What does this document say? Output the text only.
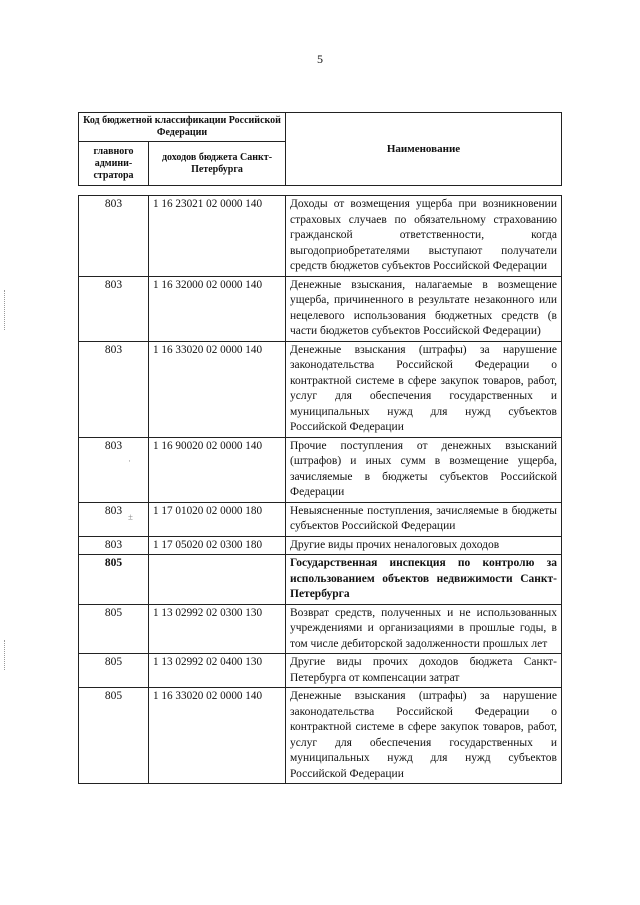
5
Код бюджетной классификации Российской Федерации		Наименование
главного админи-стратора	доходов бюджета Санкт-Петербурга	
803	1 16 23021 02 0000 140	Доходы от возмещения ущерба при возникновении страховых случаев по обязательному страхованию гражданской ответственности, когда выгодоприобретателями выступают получатели средств бюджетов субъектов Российской Федерации
803	1 16 32000 02 0000 140	Денежные взыскания, налагаемые в возмещение ущерба, причиненного в результате незаконного или нецелевого использования бюджетных средств (в части бюджетов субъектов Российской Федерации)
803	1 16 33020 02 0000 140	Денежные взыскания (штрафы) за нарушение законодательства Российской Федерации о контрактной системе в сфере закупок товаров, работ, услуг для обеспечения государственных и муниципальных нужд для нужд субъектов Российской Федерации
803	1 16 90020 02 0000 140	Прочие поступления от денежных взысканий (штрафов) и иных сумм в возмещение ущерба, зачисляемые в бюджеты субъектов Российской Федерации
803	1 17 01020 02 0000 180	Невыясненные поступления, зачисляемые в бюджеты субъектов Российской Федерации
803	1 17 05020 02 0300 180	Другие виды прочих неналоговых доходов
805		Государственная инспекция по контролю за использованием объектов недвижимости Санкт-Петербурга
805	1 13 02992 02 0300 130	Возврат средств, полученных и не использованных учреждениями и организациями в прошлые годы, в том числе дебиторской задолженности прошлых лет
805	1 13 02992 02 0400 130	Другие виды прочих доходов бюджета Санкт-Петербурга от компенсации затрат
805	1 16 33020 02 0000 140	Денежные взыскания (штрафы) за нарушение законодательства Российской Федерации о контрактной системе в сфере закупок товаров, работ, услуг для обеспечения государственных и муниципальных нужд для нужд субъектов Российской Федерации
·
±
